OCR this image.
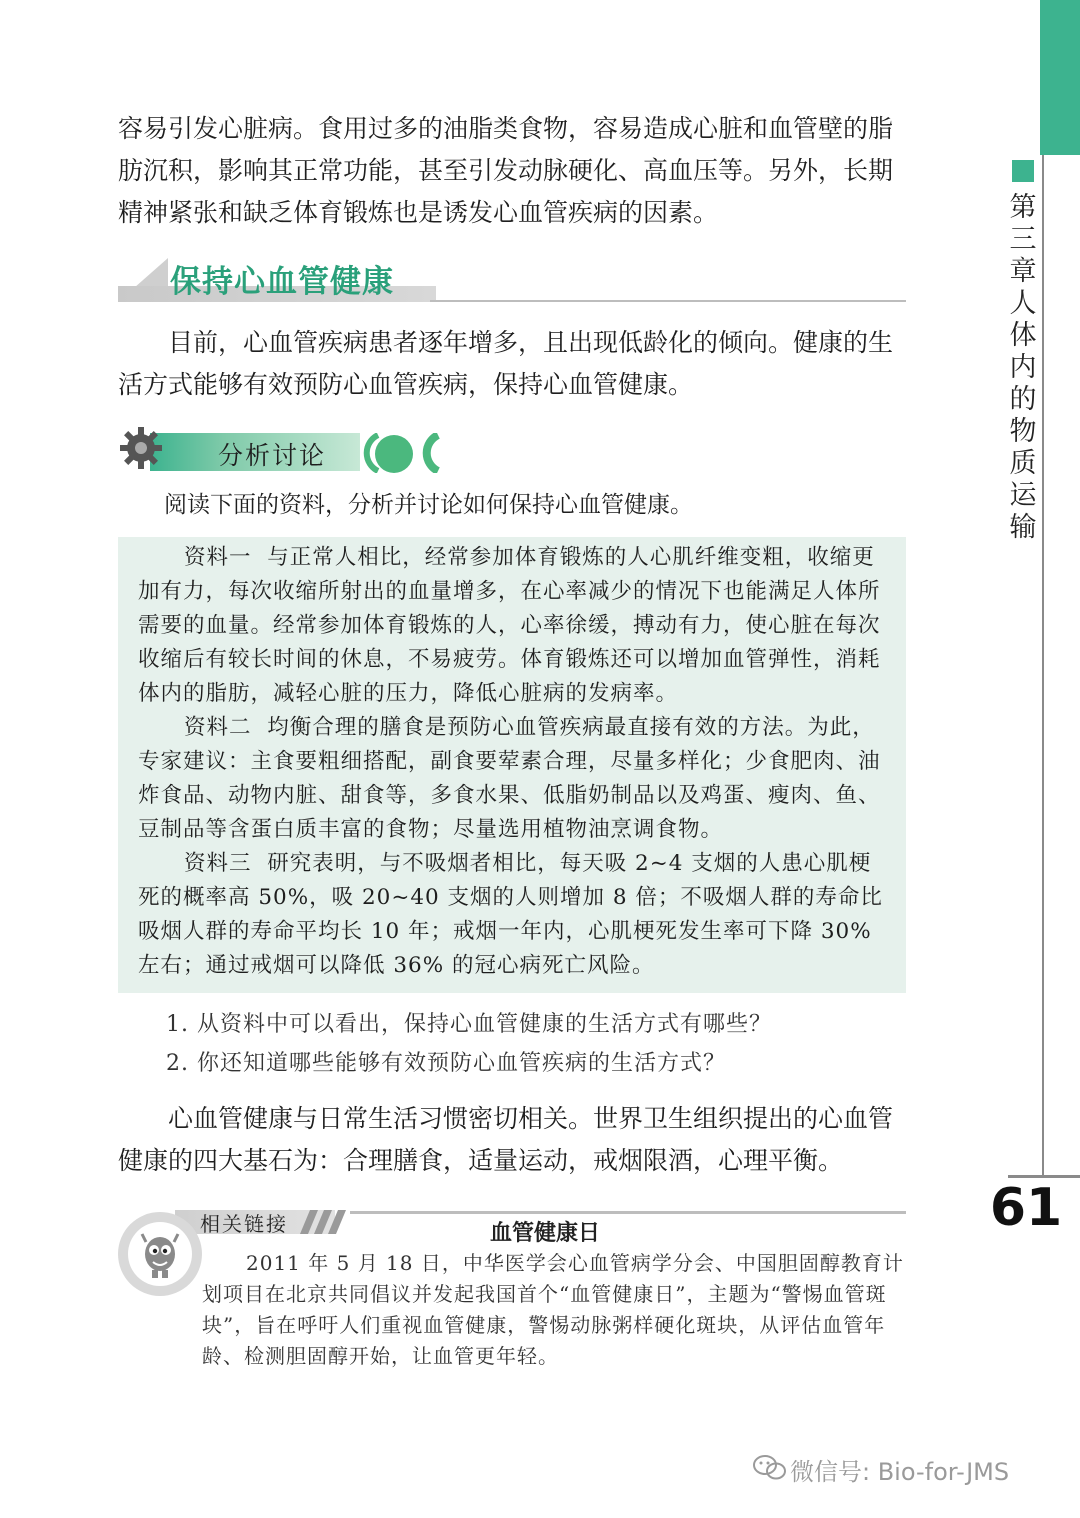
第三章 人体内的物质运输
61
容易引发心脏病。食用过多的油脂类食物，容易造成心脏和血管壁的脂肪沉积，影响其正常功能，甚至引发动脉硬化、高血压等。另外，长期精神紧张和缺乏体育锻炼也是诱发心血管疾病的因素。
保持心血管健康
目前，心血管疾病患者逐年增多，且出现低龄化的倾向。健康的生活方式能够有效预防心血管疾病，保持心血管健康。
分析讨论
阅读下面的资料，分析并讨论如何保持心血管健康。
资料一 与正常人相比，经常参加体育锻炼的人心肌纤维变粗，收缩更加有力，每次收缩所射出的血量增多，在心率减少的情况下也能满足人体所需要的血量。经常参加体育锻炼的人，心率徐缓，搏动有力，使心脏在每次收缩后有较长时间的休息，不易疲劳。体育锻炼还可以增加血管弹性，消耗体内的脂肪，减轻心脏的压力，降低心脏病的发病率。
资料二 均衡合理的膳食是预防心血管疾病最直接有效的方法。为此，专家建议：主食要粗细搭配，副食要荤素合理，尽量多样化；少食肥肉、油炸食品、动物内脏、甜食等，多食水果、低脂奶制品以及鸡蛋、瘦肉、鱼、豆制品等含蛋白质丰富的食物；尽量选用植物油烹调食物。
资料三 研究表明，与不吸烟者相比，每天吸 2~4 支烟的人患心肌梗死的概率高 50%，吸 20~40 支烟的人则增加 8 倍；不吸烟人群的寿命比吸烟人群的寿命平均长 10 年；戒烟一年内，心肌梗死发生率可下降 30% 左右；通过戒烟可以降低 36% 的冠心病死亡风险。
1. 从资料中可以看出，保持心血管健康的生活方式有哪些？
2. 你还知道哪些能够有效预防心血管疾病的生活方式？
心血管健康与日常生活习惯密切相关。世界卫生组织提出的心血管健康的四大基石为：合理膳食，适量运动，戒烟限酒，心理平衡。
相关链接	血管健康日
2011 年 5 月 18 日，中华医学会心血管病学分会、中国胆固醇教育计划项目在北京共同倡议并发起我国首个“血管健康日”，主题为“警惕血管斑块”，旨在呼吁人们重视血管健康，警惕动脉粥样硬化斑块，从评估血管年龄、检测胆固醇开始，让血管更年轻。
微信号: Bio-for-JMS
